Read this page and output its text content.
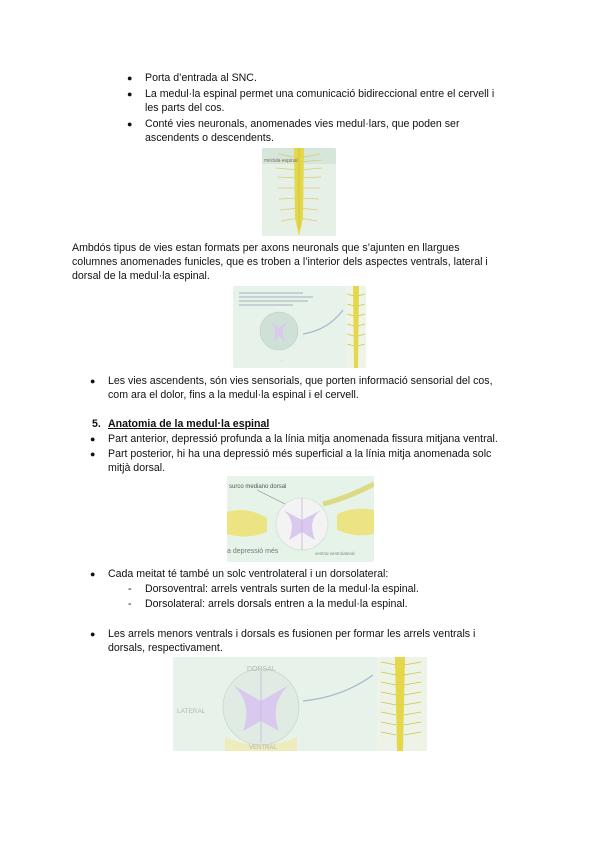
● Porta d’entrada al SNC.
● La medul·la espinal permet una comunicació bidireccional entre el cervell i
les parts del cos.
● Conté vies neuronals, anomenades vies medul·lars, que poden ser
ascendents o descendents.
médula espinal
Ambdós tipus de vies estan formats per axons neuronals que s’ajunten en llargues
columnes anomenades funicles, que es troben a l’interior dels aspectes ventrals, lateral i
dorsal de la medul·la espinal.
· · ·
● Les vies ascendents, són vies sensorials, que porten informació sensorial del cos,
com ara el dolor, fins a la medul·la espinal i el cervell.
5. Anatomia de la medul·la espinal
● Part anterior, depressió profunda a la línia mitja anomenada fissura mitjana ventral.
● Part posterior, hi ha una depressió més superficial a la línia mitja anomenada solc
mitjà dorsal.
surco mediano dorsal
a depressió més	ventral ventrolateral
● Cada meitat té també un solc ventrolateral i un dorsolateral:
- Dorsoventral: arrels ventrals surten de la medul·la espinal.
- Dorsolateral: arrels dorsals entren a la medul·la espinal.
● Les arrels menors ventrals i dorsals es fusionen per formar les arrels ventrals i
dorsals, respectivament.
DORSAL
LATERAL
VENTRAL
